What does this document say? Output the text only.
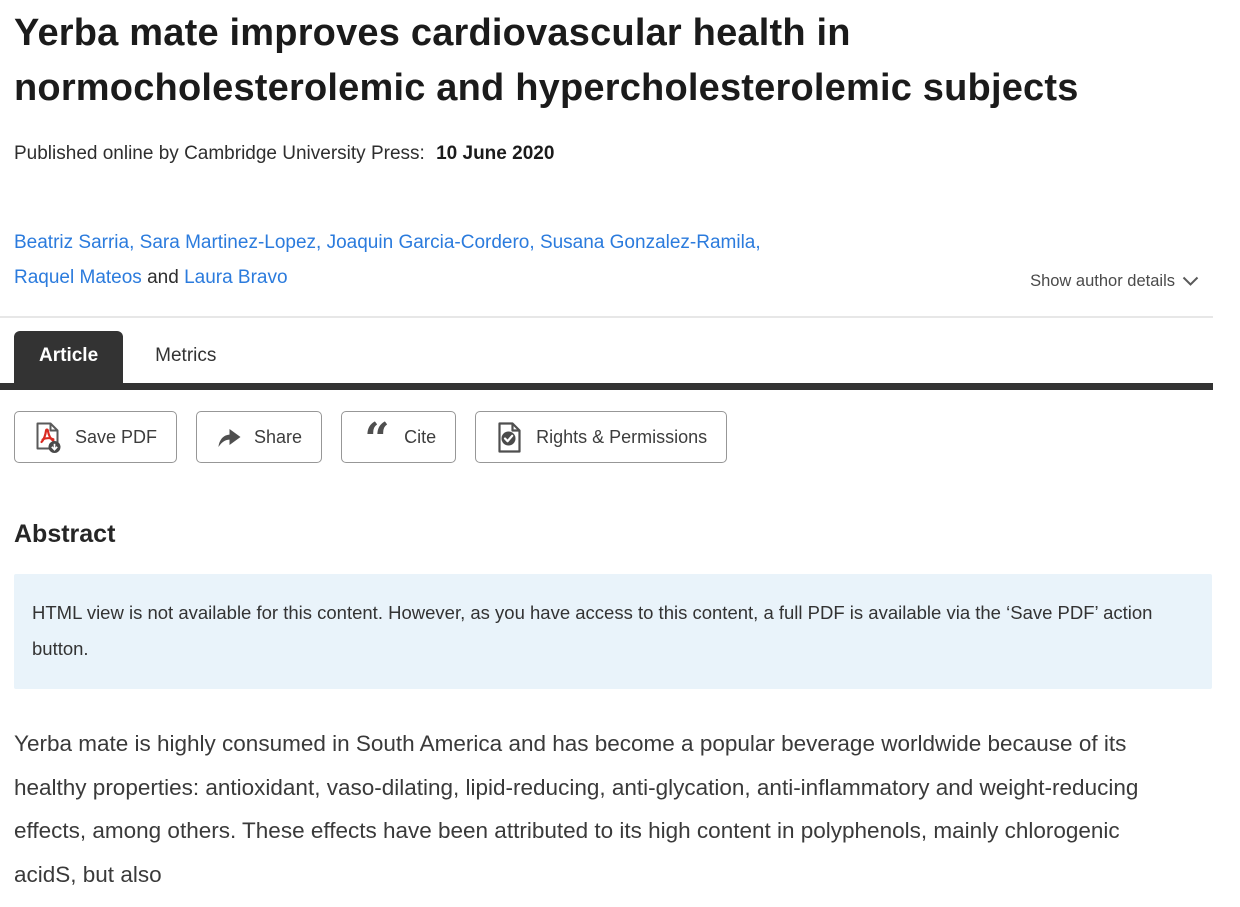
Yerba mate improves cardiovascular health in normocholesterolemic and hypercholesterolemic subjects
Published online by Cambridge University Press: 10 June 2020
Beatriz Sarria, Sara Martinez-Lopez, Joaquin Garcia-Cordero, Susana Gonzalez-Ramila,
Raquel Mateos and Laura Bravo	Show author details
Article	Metrics
Save PDF	Share “ Cite	Rights & Permissions
Abstract
HTML view is not available for this content. However, as you have access to this content, a full PDF is available via the ‘Save PDF’ action button.

Yerba mate is highly consumed in South America and has become a popular beverage worldwide because of its healthy properties: antioxidant, vaso-dilating, lipid-reducing, anti-glycation, anti-inflammatory and weight-reducing effects, among others. These effects have been attributed to its high content in polyphenols, mainly chlorogenic acidS, but also
